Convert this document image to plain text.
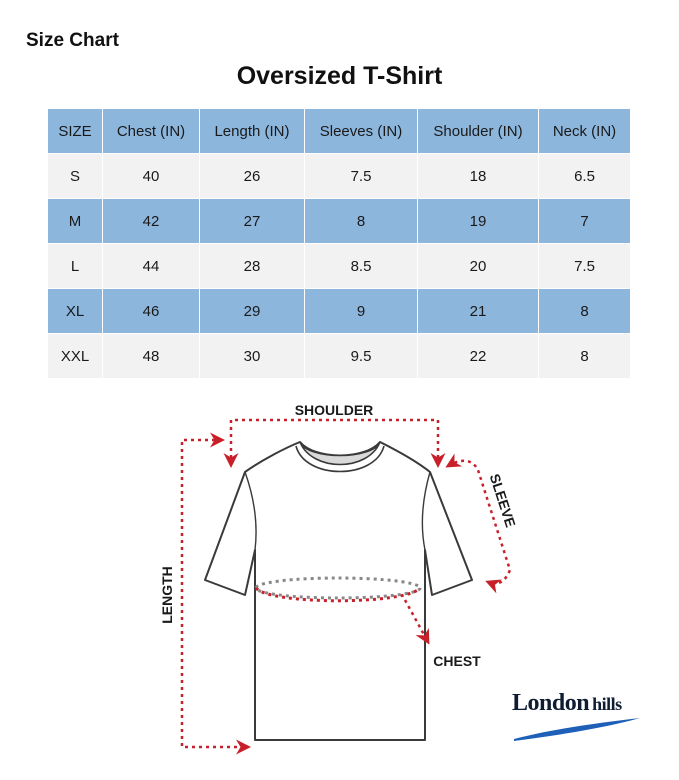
Size Chart
Oversized T-Shirt
SIZE	Chest (IN)	Length (IN)	Sleeves (IN)	Shoulder (IN)	Neck (IN)
S	40	26	7.5	18	6.5
M	42	27	8	19	7
L	44	28	8.5	20	7.5
XL	46	29	9	21	8
XXL	48	30	9.5	22	8
SHOULDER
SLEEVE
LENGTH
CHEST
London hills
